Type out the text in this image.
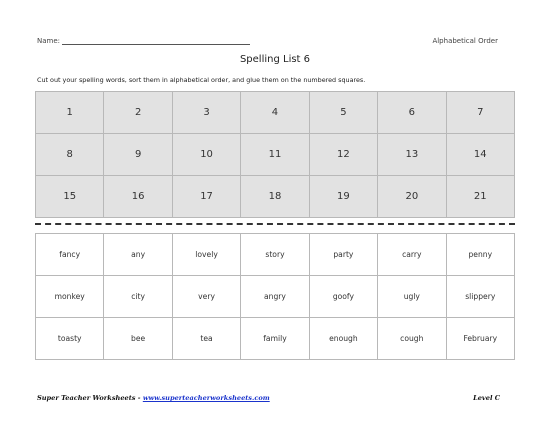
Name:	Alphabetical Order
Spelling List 6
Cut out your spelling words, sort them in alphabetical order, and glue them on the numbered squares.
1	2	3	4	5	6	7
8	9	10	11	12	13	14
15	16	17	18	19	20	21
fancy	any	lovely	story	party	carry	penny
monkey	city	very	angry	goofy	ugly	slippery
toasty	bee	tea	family	enough	cough	February
Super Teacher Worksheets - www.superteacherworksheets.com	Level C
